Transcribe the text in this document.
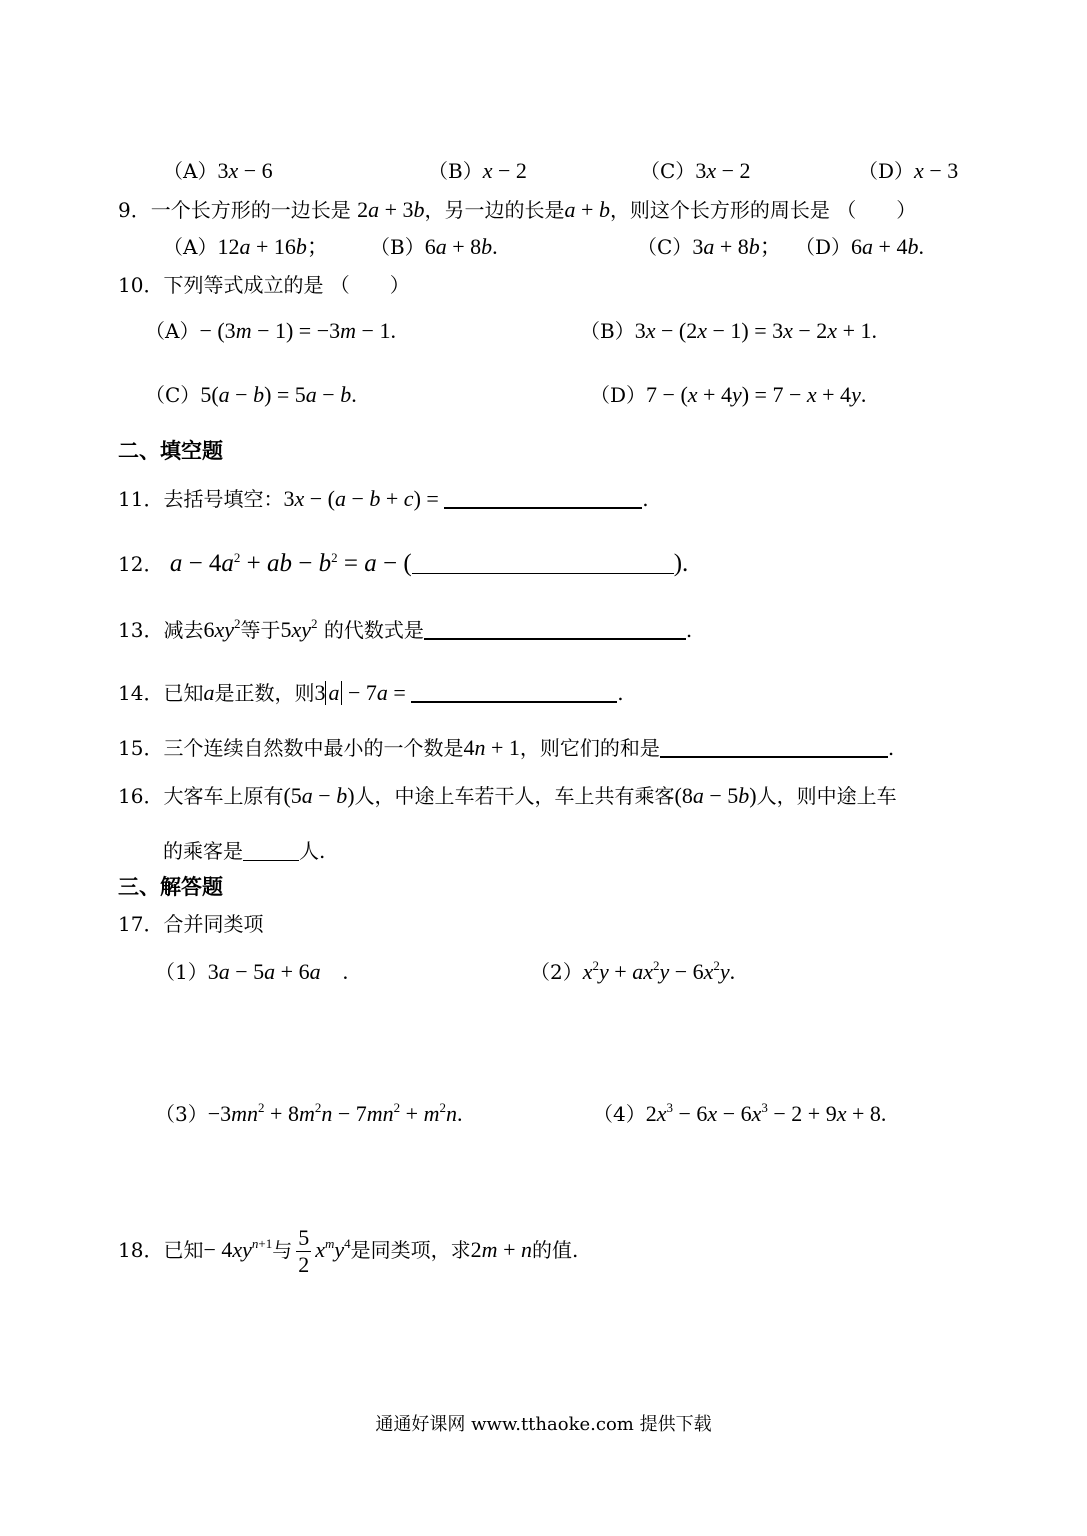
（A）3x − 6	（B）x − 2	（C）3x − 2	（D）x − 3
9．一个长方形的一边长是 2a + 3b，另一边的长是a + b，则这个长方形的周长是 （　　）
（A）12a + 16b； （B）6a + 8b.	（C）3a + 8b； （D）6a + 4b.
10．下列等式成立的是 （　　）
（A）− (3m − 1) = −3m − 1.	（B）3x − (2x − 1) = 3x − 2x + 1.
（C）5(a − b) = 5a − b.	（D）7 − (x + 4y) = 7 − x + 4y.
二、填空题
11．去括号填空：3x − (a − b + c) =	.
12． $a - 4a^2$ + ab − $b^2 = a$ − (	).
13．减去$6xy^2$等于$5xy^2$ 的代数式是	.
14．已知a是正数，则3 a − 7a =	.
15．三个连续自然数中最小的一个数是4n + 1，则它们的和是	.
16．大客车上原有(5a − b)人，中途上车若干人，车上共有乘客(8a − 5b)人，则中途上车
的乘客是	人.
三、解答题
17．合并同类项
（1）3a − 5a + 6a　.	$(2)x^2y + ax^2y - 6x^2y$.
$(3)-3mn^2 + 8m^2n - 7mn^2 + m^2n$.	$(4)2x^3 - 6x - 6x^3 - 2 + 9x + 8$.
18．已知− $4xy^{n+1}$与 $\frac{5}{2} x^my^4$是同类项，求2m + n的值.
通通好课网 www.tthaoke.com 提供下载
